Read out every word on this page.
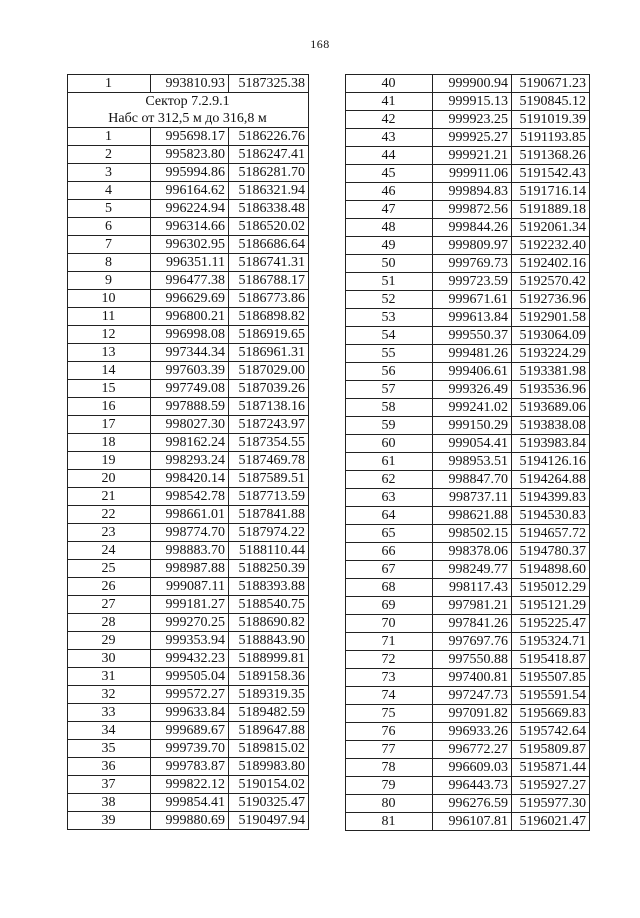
168
1	993810.93	5187325.38

Сектор 7.2.9.1
Набс от 312,5 м до 316,8 м		

1	995698.17	5186226.76
2	995823.80	5186247.41
3	995994.86	5186281.70
4	996164.62	5186321.94
5	996224.94	5186338.48
6	996314.66	5186520.02
7	996302.95	5186686.64
8	996351.11	5186741.31
9	996477.38	5186788.17
10	996629.69	5186773.86
11	996800.21	5186898.82
12	996998.08	5186919.65
13	997344.34	5186961.31
14	997603.39	5187029.00
15	997749.08	5187039.26
16	997888.59	5187138.16
17	998027.30	5187243.97
18	998162.24	5187354.55
19	998293.24	5187469.78
20	998420.14	5187589.51
21	998542.78	5187713.59
22	998661.01	5187841.88
23	998774.70	5187974.22
24	998883.70	5188110.44
25	998987.88	5188250.39
26	999087.11	5188393.88
27	999181.27	5188540.75
28	999270.25	5188690.82
29	999353.94	5188843.90
30	999432.23	5188999.81
31	999505.04	5189158.36
32	999572.27	5189319.35
33	999633.84	5189482.59
34	999689.67	5189647.88
35	999739.70	5189815.02
36	999783.87	5189983.80
37	999822.12	5190154.02
38	999854.41	5190325.47
39	999880.69	5190497.94
40	999900.94	5190671.23
41	999915.13	5190845.12
42	999923.25	5191019.39
43	999925.27	5191193.85
44	999921.21	5191368.26
45	999911.06	5191542.43
46	999894.83	5191716.14
47	999872.56	5191889.18
48	999844.26	5192061.34
49	999809.97	5192232.40
50	999769.73	5192402.16
51	999723.59	5192570.42
52	999671.61	5192736.96
53	999613.84	5192901.58
54	999550.37	5193064.09
55	999481.26	5193224.29
56	999406.61	5193381.98
57	999326.49	5193536.96
58	999241.02	5193689.06
59	999150.29	5193838.08
60	999054.41	5193983.84
61	998953.51	5194126.16
62	998847.70	5194264.88
63	998737.11	5194399.83
64	998621.88	5194530.83
65	998502.15	5194657.72
66	998378.06	5194780.37
67	998249.77	5194898.60
68	998117.43	5195012.29
69	997981.21	5195121.29
70	997841.26	5195225.47
71	997697.76	5195324.71
72	997550.88	5195418.87
73	997400.81	5195507.85
74	997247.73	5195591.54
75	997091.82	5195669.83
76	996933.26	5195742.64
77	996772.27	5195809.87
78	996609.03	5195871.44
79	996443.73	5195927.27
80	996276.59	5195977.30
81	996107.81	5196021.47
